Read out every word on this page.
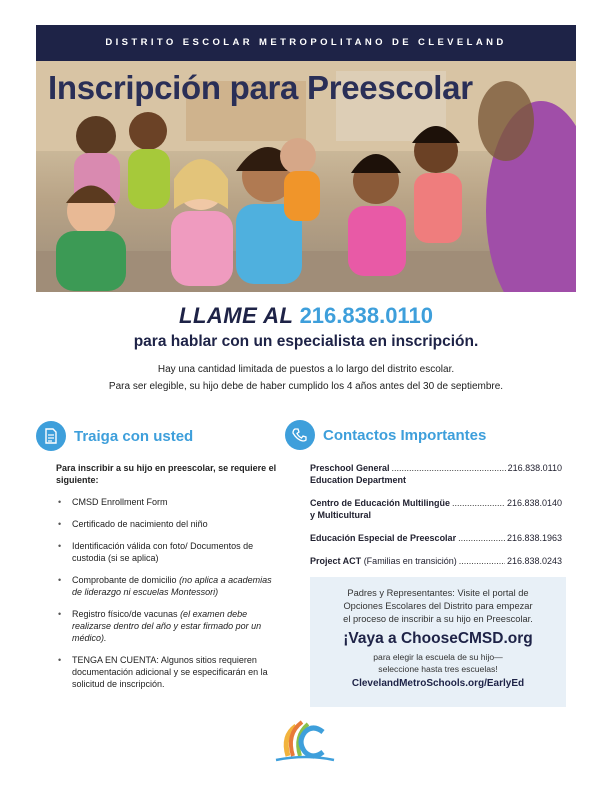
DISTRITO ESCOLAR METROPOLITANO DE CLEVELAND
Inscripción para Preescolar
LLAME AL 216.838.0110
para hablar con un especialista en inscripción.
Hay una cantidad limitada de puestos a lo largo del distrito escolar.
Para ser elegible, su hijo debe de haber cumplido los 4 años antes del 30 de septiembre.
Traiga con usted
Para inscribir a su hijo en preescolar, se requiere el siguiente:
• CMSD Enrollment Form
• Certificado de nacimiento del niño
• Identificación válida con foto/ Documentos de custodia (si se aplica)
• Comprobante de domicilio (no aplica a academias de liderazgo ni escuelas Montessori)
• Registro físico/de vacunas (el examen debe realizarse dentro del año y estar firmado por un médico).
• TENGA EN CUENTA: Algunos sitios requieren documentación adicional y se especificarán en la solicitud de inscripción.
Contactos Importantes
Preschool General .....	216.838.0110
Education Department
Centro de Educación Multilingüe .....	216.838.0140
y Multicultural
Educación Especial de Preescolar .....	216.838.1963
Project ACT (Familias en transición) .....	216.838.0243
Padres y Representantes: Visite el portal de
Opciones Escolares del Distrito para empezar
el proceso de inscribir a su hijo en Preescolar.
¡Vaya a ChooseCMSD.org
para elegir la escuela de su hijo—
seleccione hasta tres escuelas!
ClevelandMetroSchools.org/EarlyEd
